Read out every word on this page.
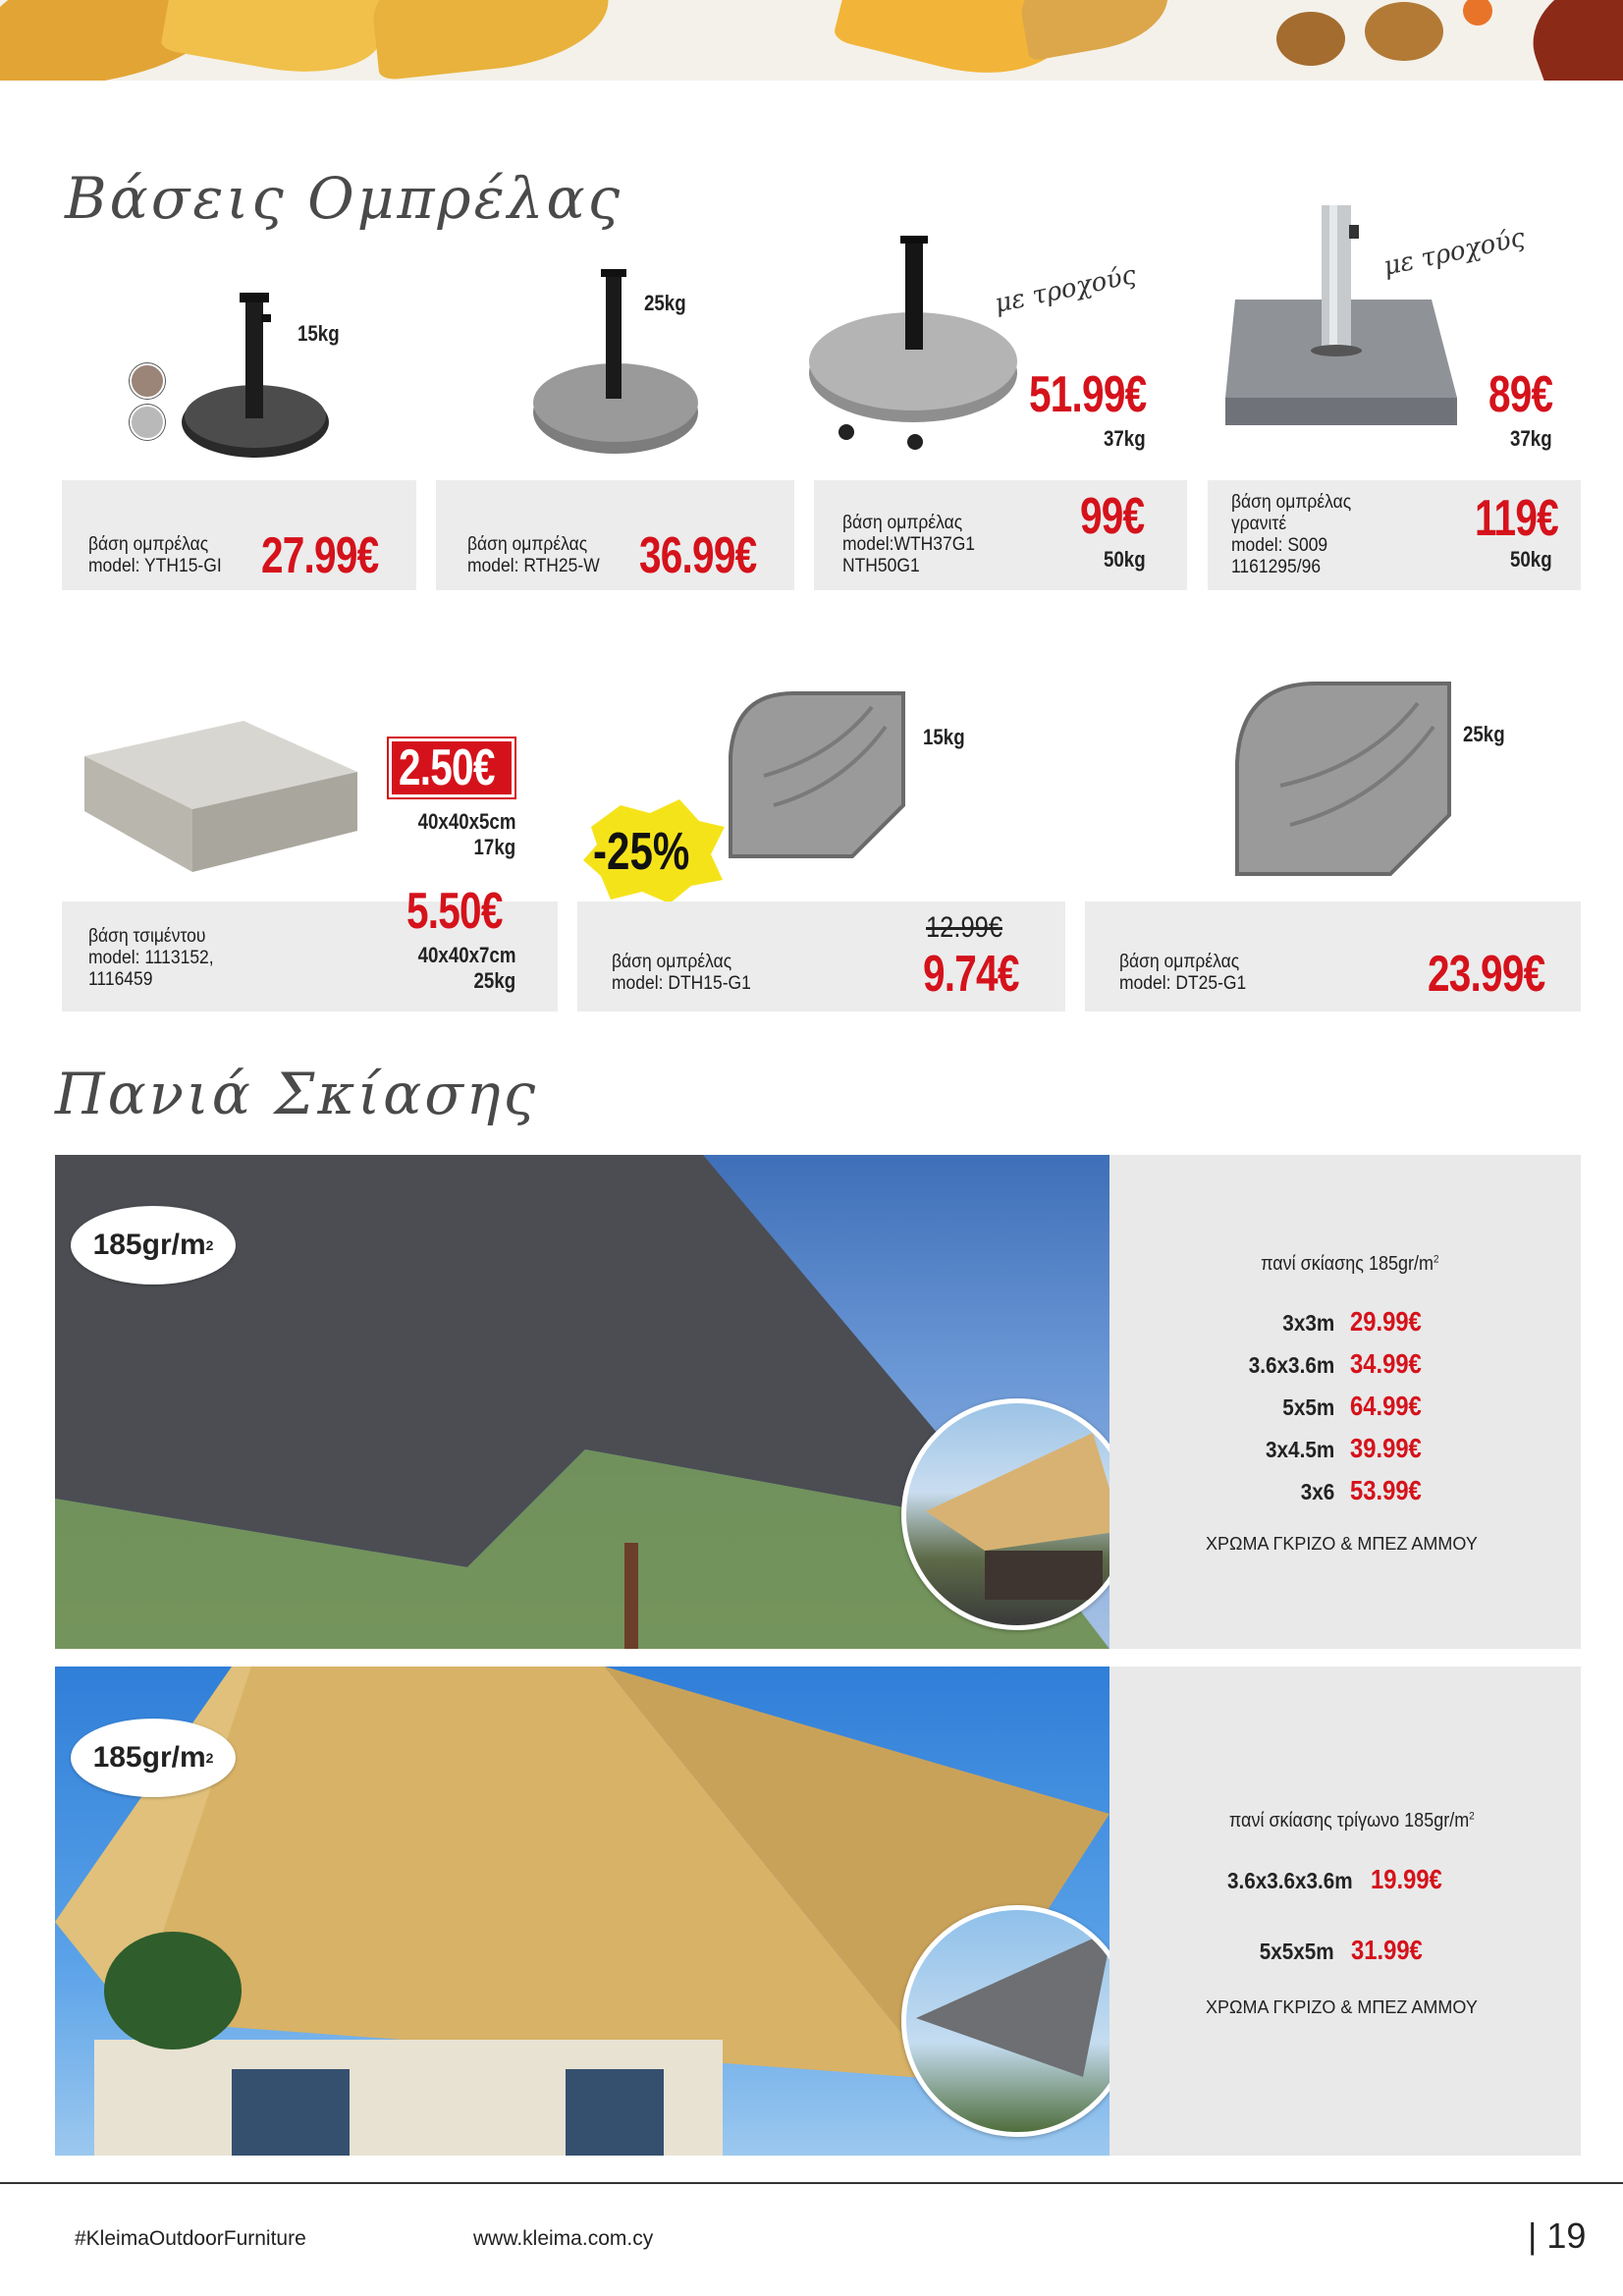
Βάσεις Ομπρέλας
15kg
βάση ομπρέλας
model: YTH15-GI 27.99€
25kg
βάση ομπρέλας
model: RTH25-W 36.99€
με τροχούς
51.99€
37kg
βάση ομπρέλας
model:WTH37G1
NTH50G1
99€
50kg
με τροχούς
89€
37kg
βάση ομπρέλας
γρανιτέ
model: S009
1161295/96
119€
50kg
2.50€
40x40x5cm
17kg
βάση τσιμέντου
model: 1113152,
1116459
5.50€
40x40x7cm
25kg
-25%
15kg
βάση ομπρέλας
model: DTH15-G1
12.99€
9.74€
25kg
βάση ομπρέλας
model: DT25-G1	23.99€
Πανιά Σκίασης
185gr/m 2
πανί σκίασης $185gr/m^2$
3x3m 29.99€
3.6x3.6m 34.99€
5x5m 64.99€
3x4.5m 39.99€
3x6 53.99€
ΧΡΩΜΑ ΓΚΡΙΖΟ & ΜΠΕΖ ΑΜΜΟΥ
185gr/m 2
πανί σκίασης τρίγωνο $185gr/m^2$
3.6x3.6x3.6m 19.99€
5x5x5m 31.99€
ΧΡΩΜΑ ΓΚΡΙΖΟ & ΜΠΕΖ ΑΜΜΟΥ
#KleimaOutdoorFurniture	www.kleima.com.cy	| 19
